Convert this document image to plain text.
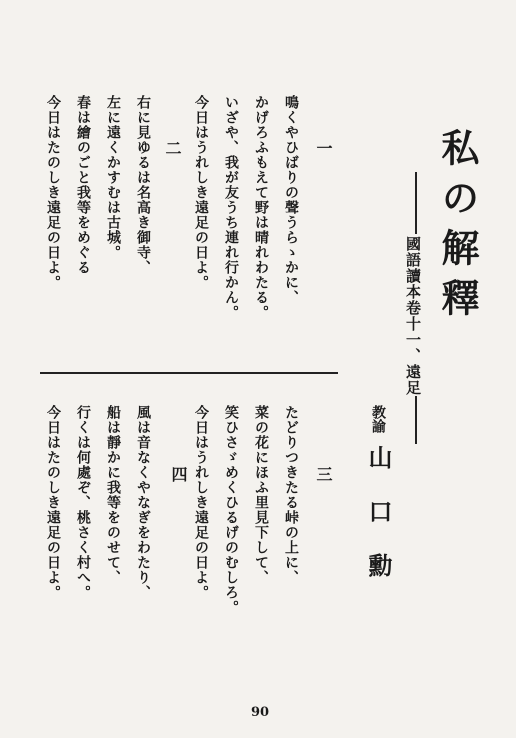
私の解釋
國語讀本卷十一、遠足
教諭
山口勳
一
鳴くやひばりの聲うらゝかに、
かげろふもえて野は晴れわたる。
いざや、我が友うち連れ行かん。
今日はうれしき遠足の日よ。
二
右に見ゆるは名高き御寺、
左に遠くかすむは古城。
春は繪のごと我等をめぐる
今日はたのしき遠足の日よ。
三
たどりつきたる峠の上に、
菜の花にほふ里見下して、
笑ひさゞめくひるげのむしろ。
今日はうれしき遠足の日よ。
四
風は音なくやなぎをわたり、
船は靜かに我等をのせて、
行くは何處ぞ、桃さく村へ。
今日はたのしき遠足の日よ。
90
